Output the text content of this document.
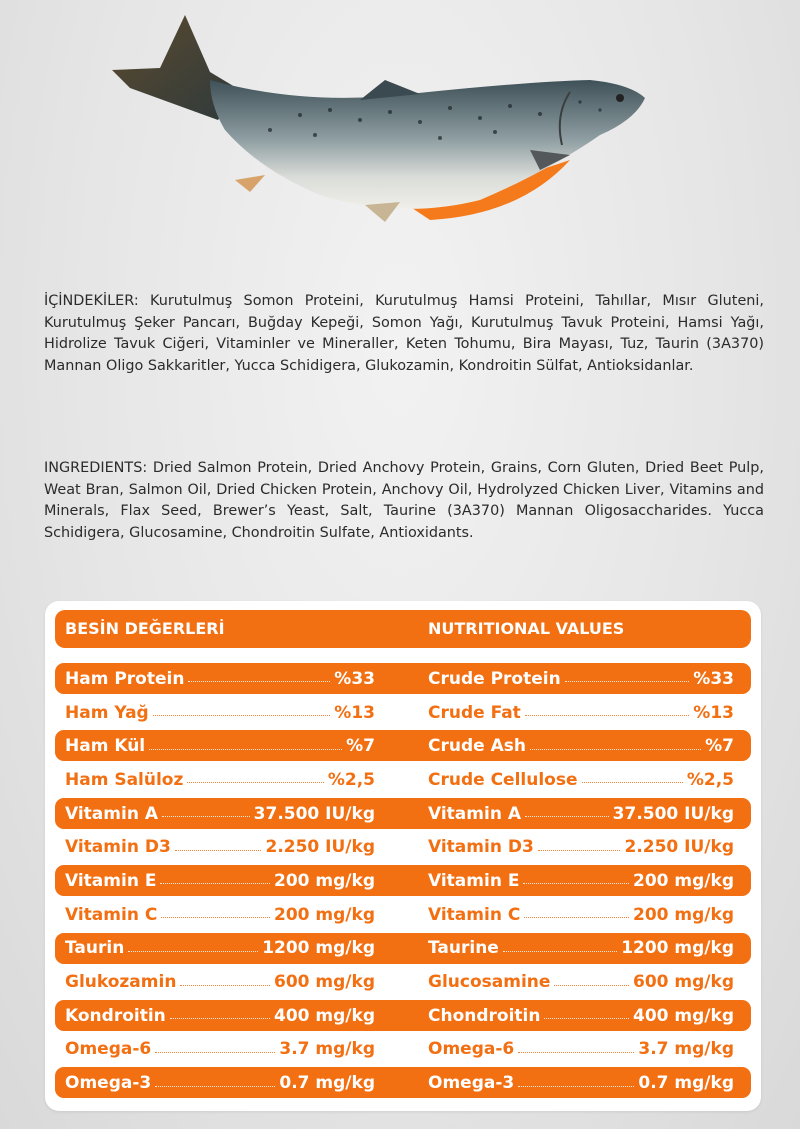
İÇİNDEKİLER: Kurutulmuş Somon Proteini, Kurutulmuş Hamsi Proteini, Tahıllar, Mısır Gluteni, Kurutulmuş Şeker Pancarı, Buğday Kepeği, Somon Yağı, Kurutulmuş Tavuk Proteini, Hamsi Yağı, Hidrolize Tavuk Ciğeri, Vitaminler ve Mineraller, Keten Tohumu, Bira Mayası, Tuz, Taurin (3A370) Mannan Oligo Sakkaritler, Yucca Schidigera, Glukozamin, Kondroitin Sülfat, Antioksidanlar.
INGREDIENTS: Dried Salmon Protein, Dried Anchovy Protein, Grains, Corn Gluten, Dried Beet Pulp, Weat Bran, Salmon Oil, Dried Chicken Protein, Anchovy Oil, Hydrolyzed Chicken Liver, Vitamins and Minerals, Flax Seed, Brewer’s Yeast, Salt, Taurine (3A370) Mannan Oligosaccharides. Yucca Schidigera, Glucosamine, Chondroitin Sulfate, Antioxidants.
BESİN DEĞERLERİ	NUTRITIONAL VALUES
Ham Protein	%33	Crude Protein	%33
Ham Yağ	%13	Crude Fat	%13
Ham Kül	%7	Crude Ash	%7
Ham Salüloz	%2,5	Crude Cellulose	%2,5
Vitamin A	37.500 IU/kg	Vitamin A	37.500 IU/kg
Vitamin D3	2.250 IU/kg	Vitamin D3	2.250 IU/kg
Vitamin E	200 mg/kg	Vitamin E	200 mg/kg
Vitamin C	200 mg/kg	Vitamin C	200 mg/kg
Taurin	1200 mg/kg	Taurine	1200 mg/kg
Glukozamin	600 mg/kg	Glucosamine	600 mg/kg
Kondroitin	400 mg/kg	Chondroitin	400 mg/kg
Omega-6	3.7 mg/kg	Omega-6	3.7 mg/kg
Omega-3	0.7 mg/kg	Omega-3	0.7 mg/kg
